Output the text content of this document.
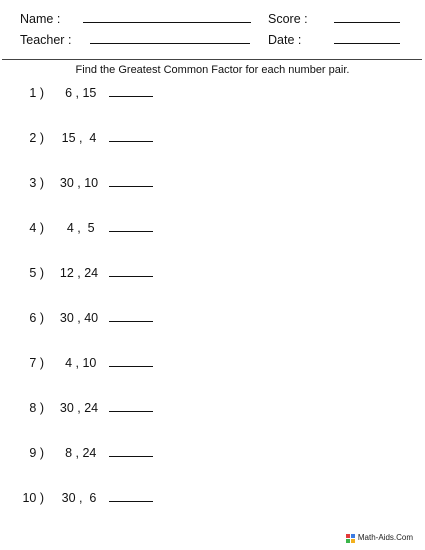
Name :	Score :
Teacher :	Date :
Find the Greatest Common Factor for each number pair.
1 )	6 , 15
2 )	15 ,  4
3 )	30 , 10
4 )	4 ,  5
5 )	12 , 24
6 )	30 , 40
7 )	4 , 10
8 )	30 , 24
9 )	8 , 24
10 )	30 ,  6
Math-Aids.Com
